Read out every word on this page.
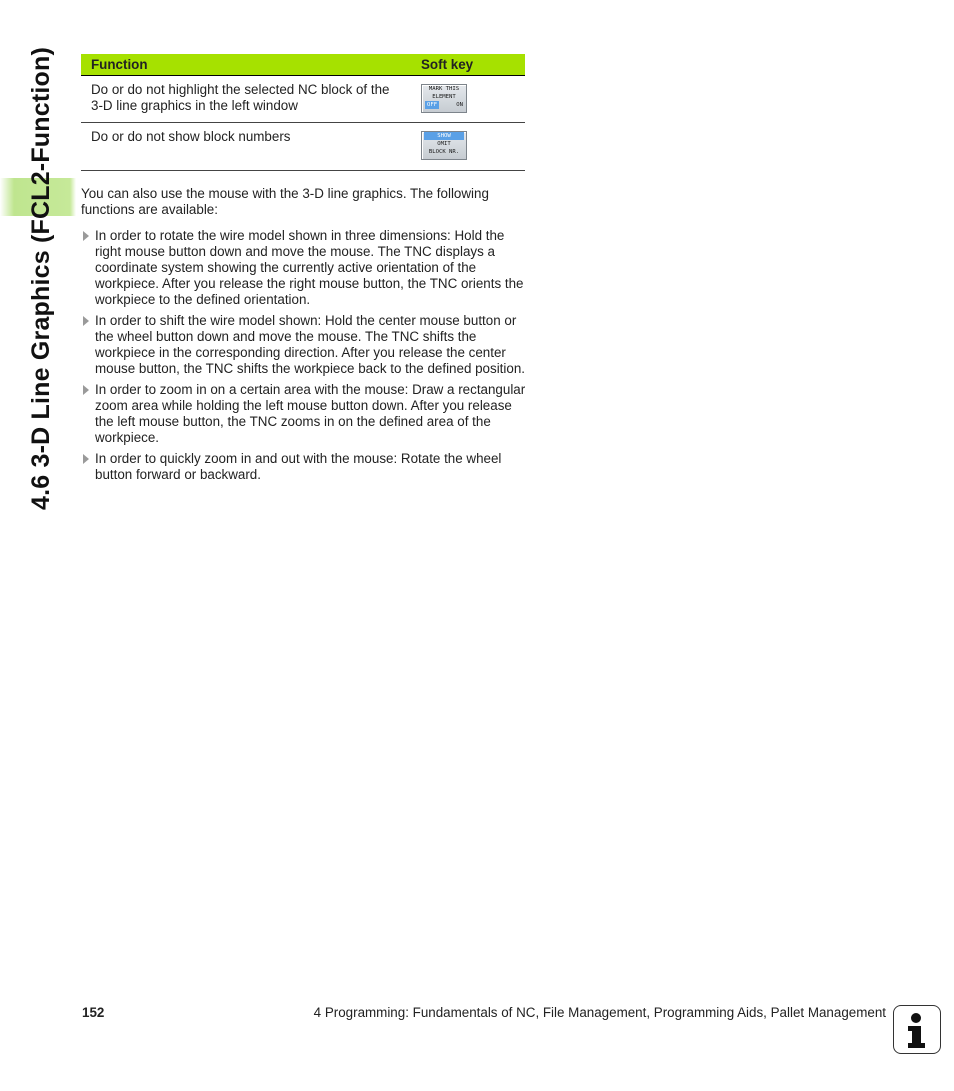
4.6 3-D Line Graphics (FCL2-Function)	Function	Soft key
Do or do not highlight the selected NC block of the 3-D line graphics in the left window	MARK THIS
ELEMENT
OFF ON

Do or do not show block numbers	SHOW
OMIT
BLOCK NR.

You can also use the mouse with the 3-D line graphics. The following functions are available:

In order to rotate the wire model shown in three dimensions: Hold the right mouse button down and move the mouse. The TNC displays a coordinate system showing the currently active orientation of the workpiece. After you release the right mouse button, the TNC orients the workpiece to the defined orientation.
In order to shift the wire model shown: Hold the center mouse button or the wheel button down and move the mouse. The TNC shifts the workpiece in the corresponding direction. After you release the center mouse button, the TNC shifts the workpiece back to the defined position.
In order to zoom in on a certain area with the mouse: Draw a rectangular zoom area while holding the left mouse button down. After you release the left mouse button, the TNC zooms in on the defined area of the workpiece.
In order to quickly zoom in and out with the mouse: Rotate the wheel button forward or backward.
152	4 Programming: Fundamentals of NC, File Management, Programming Aids, Pallet Management
